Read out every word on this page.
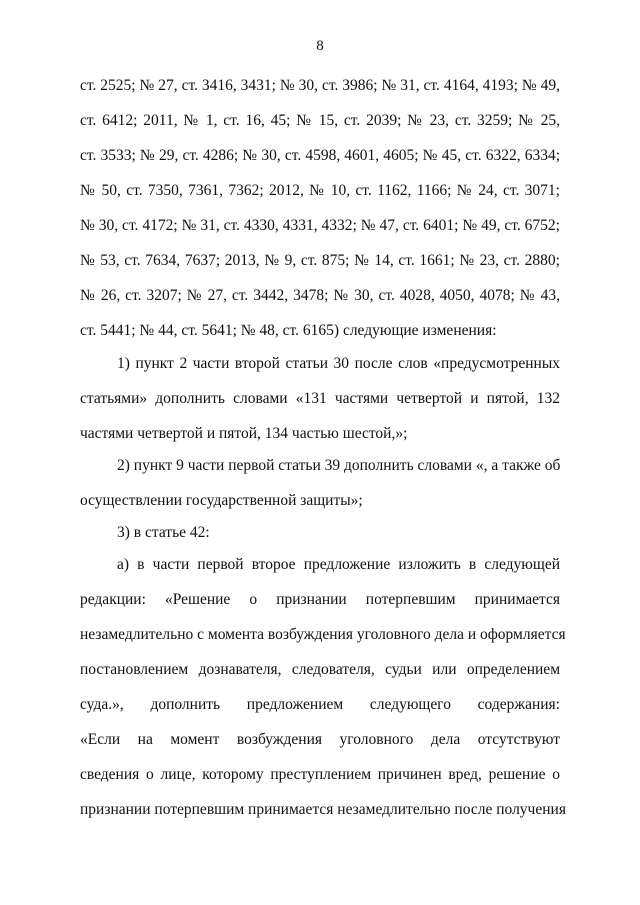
8
ст. 2525; № 27, ст. 3416, 3431; № 30, ст. 3986; № 31, ст. 4164, 4193; № 49,
ст. 6412; 2011, № 1, ст. 16, 45; № 15, ст. 2039; № 23, ст. 3259; № 25,
ст. 3533; № 29, ст. 4286; № 30, ст. 4598, 4601, 4605; № 45, ст. 6322, 6334;
№ 50, ст. 7350, 7361, 7362; 2012, № 10, ст. 1162, 1166; № 24, ст. 3071;
№ 30, ст. 4172; № 31, ст. 4330, 4331, 4332; № 47, ст. 6401; № 49, ст. 6752;
№ 53, ст. 7634, 7637; 2013, № 9, ст. 875; № 14, ст. 1661; № 23, ст. 2880;
№ 26, ст. 3207; № 27, ст. 3442, 3478; № 30, ст. 4028, 4050, 4078; № 43,
ст. 5441; № 44, ст. 5641; № 48, ст. 6165) следующие изменения:
1) пункт 2 части второй статьи 30 после слов «предусмотренных
статьями» дополнить словами «131 частями четвертой и пятой, 132
частями четвертой и пятой, 134 частью шестой,»;
2) пункт 9 части первой статьи 39 дополнить словами «, а также об
осуществлении государственной защиты»;
3) в статье 42:
а) в части первой второе предложение изложить в следующей
редакции: «Решение о признании потерпевшим принимается
незамедлительно с момента возбуждения уголовного дела и оформляется
постановлением дознавателя, следователя, судьи или определением
суда.», дополнить предложением следующего содержания:
«Если на момент возбуждения уголовного дела отсутствуют
сведения о лице, которому преступлением причинен вред, решение о
признании потерпевшим принимается незамедлительно после получения
